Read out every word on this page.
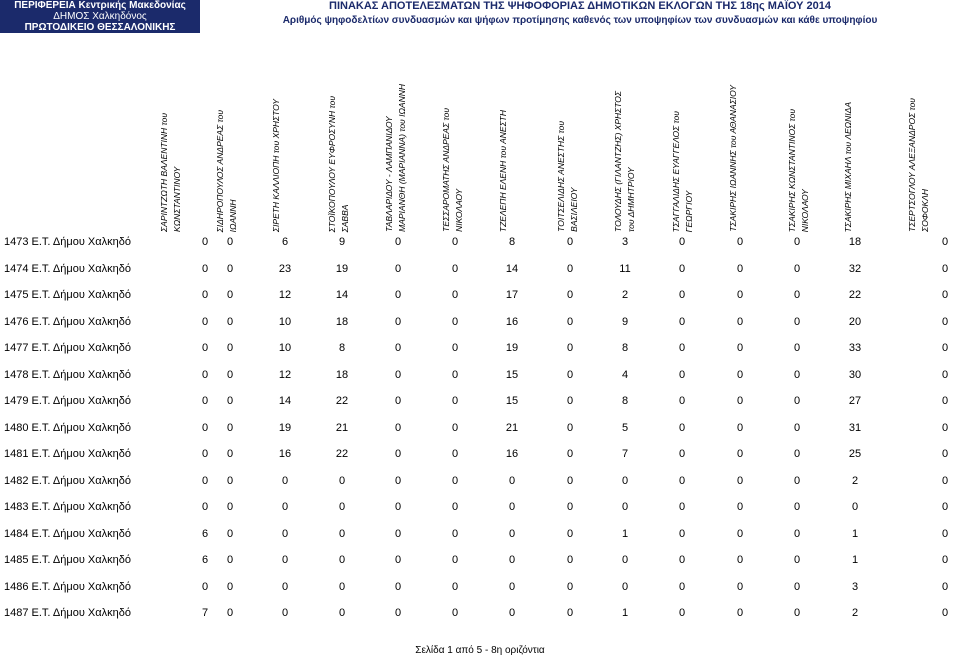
ΠΕΡΙΦΕΡΕΙΑ Κεντρικής Μακεδονίας
ΔΗΜΟΣ Χαλκηδόνος
ΠΡΩΤΟΔΙΚΕΙΟ ΘΕΣΣΑΛΟΝΙΚΗΣ
ΠΙΝΑΚΑΣ ΑΠΟΤΕΛΕΣΜΑΤΩΝ ΤΗΣ ΨΗΦΟΦΟΡΙΑΣ ΔΗΜΟΤΙΚΩΝ ΕΚΛΟΓΩΝ ΤΗΣ 18ης ΜΑΪΟΥ 2014
Αριθμός ψηφοδελτίων συνδυασμών και ψήφων προτίμησης καθενός των υποψηφίων των συνδυασμών και κάθε υποψηφίου
ΣΑΡΙΝΤΖΩΤΗ ΒΑΛΕΝΤΙΝΗ του ΚΩΝΣΤΑΝΤΙΝΟΥ	ΣΙΔΗΡΟΠΟΥΛΟΣ ΑΝΔΡΕΑΣ του ΙΩΑΝΝΗ	ΣΙΡΕΤΗ ΚΑΛΛΙΟΠΗ του ΧΡΗΣΤΟΥ	ΣΤΟΪΚΟΠΟΥΛΟΥ ΕΥΦΡΟΣΥΝΗ του ΣΑΒΒΑ	ΤΑΒΛΑΡΙΔΟΥ - ΛΑΜΠΑΝΙΔΟΥ ΜΑΡΙΑΝΘΗ (ΜΑΡΙΑΝΝΑ) του ΙΩΑΝΝΗ	ΤΕΣΣΑΡΟΜΑΤΗΣ ΑΝΔΡΕΑΣ του ΝΙΚΟΛΑΟΥ	ΤΖΕΛΕΠΗ ΕΛΕΝΗ του ΑΝΕΣΤΗ	ΤΟΙΤΣΕΛΙΔΗΣ ΑΝΕΣΤΗΣ του ΒΑΣΙΛΕΙΟΥ	ΤΟΛΟΥΔΗΣ (ΓΙΛΑΝΤΖΗΣ) ΧΡΗΣΤΟΣ του ΔΗΜΗΤΡΙΟΥ	ΤΣΑΓΓΑΛΙΔΗΣ ΕΥΑΓΓΕΛΟΣ του ΓΕΩΡΓΙΟΥ	ΤΣΑΚΙΡΗΣ ΙΩΑΝΝΗΣ του ΑΘΑΝΑΣΙΟΥ	ΤΣΑΚΙΡΗΣ ΚΩΝΣΤΑΝΤΙΝΟΣ του ΝΙΚΟΛΑΟΥ	ΤΣΑΚΙΡΗΣ ΜΙΧΑΗΛ του ΛΕΩΝΙΔΑ	ΤΣΕΡΤΣΟΓΛΟΥ ΑΛΕΞΑΝΔΡΟΣ του ΣΟΦΟΚΛΗ
1473 Ε.Τ. Δήμου Χαλκηδό	0	0	6	9	0	0	8	0	3	0	0	0	18	0
1474 Ε.Τ. Δήμου Χαλκηδό	0	0	23	19	0	0	14	0	11	0	0	0	32	0
1475 Ε.Τ. Δήμου Χαλκηδό	0	0	12	14	0	0	17	0	2	0	0	0	22	0
1476 Ε.Τ. Δήμου Χαλκηδό	0	0	10	18	0	0	16	0	9	0	0	0	20	0
1477 Ε.Τ. Δήμου Χαλκηδό	0	0	10	8	0	0	19	0	8	0	0	0	33	0
1478 Ε.Τ. Δήμου Χαλκηδό	0	0	12	18	0	0	15	0	4	0	0	0	30	0
1479 Ε.Τ. Δήμου Χαλκηδό	0	0	14	22	0	0	15	0	8	0	0	0	27	0
1480 Ε.Τ. Δήμου Χαλκηδό	0	0	19	21	0	0	21	0	5	0	0	0	31	0
1481 Ε.Τ. Δήμου Χαλκηδό	0	0	16	22	0	0	16	0	7	0	0	0	25	0
1482 Ε.Τ. Δήμου Χαλκηδό	0	0	0	0	0	0	0	0	0	0	0	0	2	0
1483 Ε.Τ. Δήμου Χαλκηδό	0	0	0	0	0	0	0	0	0	0	0	0	0	0
1484 Ε.Τ. Δήμου Χαλκηδό	6	0	0	0	0	0	0	0	1	0	0	0	1	0
1485 Ε.Τ. Δήμου Χαλκηδό	6	0	0	0	0	0	0	0	0	0	0	0	1	0
1486 Ε.Τ. Δήμου Χαλκηδό	0	0	0	0	0	0	0	0	0	0	0	0	3	0
1487 Ε.Τ. Δήμου Χαλκηδό	7	0	0	0	0	0	0	0	1	0	0	0	2	0
Σελίδα 1 από 5 - 8η οριζόντια
